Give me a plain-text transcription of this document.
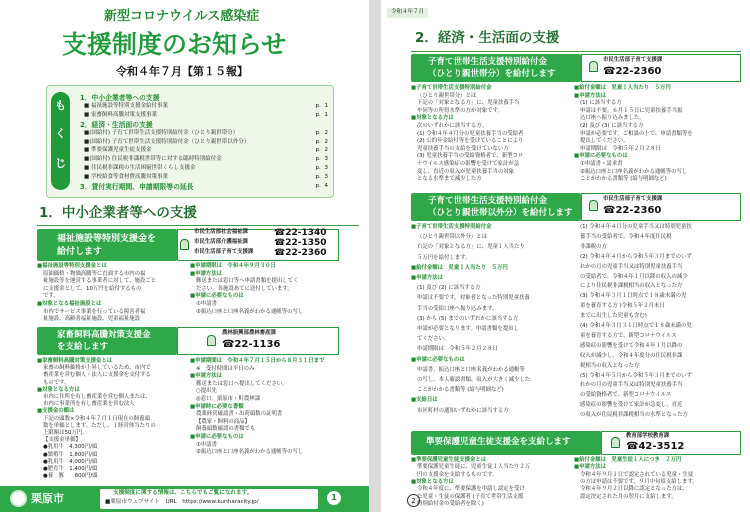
新型コロナウイルス感染症
支援制度のお知らせ
令和４年７月【第１５報】
も
く
じ
1．中小企業者等への支援
■ 福祉施設等特別支援金給付事業	p．1
■ 家畜飼料高騰対策支援事業	p．1
2．経済・生活面の支援
■(国給付) 子育て世帯生活支援特別給付金（ひとり親世帯分）	p．2
■(国給付) 子育て世帯生活支援特別給付金（ひとり親世帯以外分）	p．2
■ 準要保護児童生徒支援金	p．2
■(国給付) 住民税非課税世帯等に対する臨時特別給付金	p．3
■ 住民税非課税の生活困窮世帯くらし支援金	p．3
■ 学校給食等食材費高騰対策事業	p．3
3．貸付実行期間、申請期限等の延長	p．4
1．中小企業者等への支援
福祉施設等特別支援金を
給付します
市民生活部社会福祉課	☎22-1340
市民生活部介護福祉課	☎22-1350
市民生活部子育て支援課 ☎22-2360
■福祉施設等特別支援金とは
原油価格・物価高騰等に直面する市内の福
祉施設等を運営する事業者に対して、施設ごと
に支援金として、10万円を給付するもの
です。
■対象となる福祉施設とは
市内でサービス事業を行っている障害者福
祉施設、高齢者福祉施設、児童福祉施設
■申請期限は　令和４年９月３０日
■申請方法は
郵送または窓口等へ申請書類を提出してく
ださい。各施設あてに送付しています。
■申請に必要なものは
①申請書
②振込口座と口座名義がわかる通帳等の写し
家畜飼料高騰対策支援金
を支給します
農林振興部農林畜産課
☎22-1136
■家畜飼料高騰対策支援金とは
家畜の飼料価格が上昇しているため、市内で
畜産業を営む個人・法人に支援金を交付する
ものです。
■対象となる方は
市内に住所を有し畜産業を営む個人または、
市内に事業所を有し畜産業を営む法人
■支援金の額は
下記の頭数×令和４年７月１日現在の飼養頭
数を単価とします。ただし、１経営体当たりの
上限額は50万円。
【支援金単価】
●乳用牛　4,300円/頭
●繁殖牛　1,800円/頭
●乳用牛　4,000円/頭
●肥育牛　1,400円/頭
●養　豚　　800円/頭
■申請期間は　令和４年７月１５日から８月３１日まで
※　受付時間は平日のみ
■申請方法は
郵送または窓口へ提出してください。
○提出先
◎窓口：栗原市・町農林課
■申請時に必要な書類
農業経営確認書・出荷頭数の証明書
【農家・飼料の商品】
飼養頭数確認の書類でも
■申請に必要なものは
①申請書
②振込口座と口座名義がわかる通帳等の写し
栗原市	支援制度に関する情報は、こちらでもご覧になれます。
■栗原市ウェブサイト　URL　https://www.kuriharacity.jp/	1
令和４年７月
2．経済・生活面の支援
子育て世帯生活支援特別給付金
（ひとり親世帯分）を給付します
市民生活部子育て支援課
☎22-2360
■子育て世帯生活支援特別給付金
（ひとり親世帯分）とは
下記の「対象となる方」に、児童扶養手当
や同等の所得水準の方が対象です。
■対象となる方は
次のいずれかに該当する方。
(1) 令和４年４月分の児童扶養手当の受給者
(2) 公的年金給付等を受けていることにより
児童扶養手当の支給を受けていない方
(3) 児童扶養手当の受給資格者で、新型コロ
ナウイルス感染症の影響を受けて家計が急
変し、直近の収入が児童扶養手当の対象
となる水準まで減少した方
■給付金額は　児童１人当たり　５万円
■申請方法は
(1) に該当する方
申請は不要。６月１５日に児童扶養手当振
込口座へ振り込みました。
(2) 及び (3) に該当する方
申請が必要です。ご相談の上で、申請書類等を
提出してください。
申請期限は　令和５年２月２８日
■申請に必要なものは
①申請書・請求書
②振込口座と口座名義がわかる通帳等の写し
ことがわかる書類等 (給与明細など)
子育て世帯生活支援特別給付金
（ひとり親世帯以外分）を給付します
市民生活部子育て支援課
☎22-2360
■子育て世帯生活支援特別給付金
（ひとり親世帯以外分）とは
右記の「対象となる方」に、児童１人当たり
５万円を給付します。
■給付金額は　児童１人当たり　５万円
■申請方法は
(1) 及び (2) に該当する方
申請は不要です。対象者となった特別児童扶養
手当の受給口座へ振り込みます。
(3) から (5) までのいずれかに該当する方
申請が必要となります。申請書類を提出し
てください。
申請期限は　令和５年２月２８日
■申請に必要なものは
申請書、振込口座と口座名義がわかる通帳等
の写し、本人確認書類、収入が大きく減少した
ことがわかる書類等 (給与明細など)
■支給日は
市区町村の通知いずれかに該当する方
(1) 令和４年４月分の児童手当又は特別児童扶
養手当の受給者で、令和４年度住民税
非課税の方
(2) 令和４年４月から令和５年３月までのいず
れかの月の児童手当又は特別児童扶養手当
の受給者で、令和４年１月以降の収入の減少
により住民税非課税相当の収入となった方
(3) 令和４年３月１日時点で１８歳未満の児
童を養育する方 (令和５年２月末日
までに出生した児童も含む)
(4) 令和４年３月３１日時点で１８歳未満の児
童を養育する方で、新型コロナウイルス
感染症の影響を受けて令和４年１月以降の
収入が減少し、令和４年度分の住民税非課
税相当の収入となった方
(5) 令和４年５月から令和５年３月までのいず
れかの月の児童手当又は特別児童扶養手当
の受給資格者で、新型コロナウイルス
感染症の影響を受けて家計が急変し、直近
の収入が住民税非課税相当の水準となった方
準要保護児童生徒支援金を支給します
教育部学校教育課
☎42-3512
■準要保護児童生徒支援金とは
準要保護児童生徒に、児童生徒１人当たり２万
円の支援金を支給するものです。
■対象となる方は
令和４年度に、準要保護を申請し認定を受け
た児童・生徒の保護者 (子育て世帯生活支援
特別給付金の受給者を除く)
■給付金額は　児童生徒１人につき　２万円
■申請方法は
令和４年９月１日で認定されている児童・生徒
の方は申請は不要です。９月中旬頃支給します。
令和４年９月２日以降に認定となった方は、
認定決定された月の翌月に支給します。
2
